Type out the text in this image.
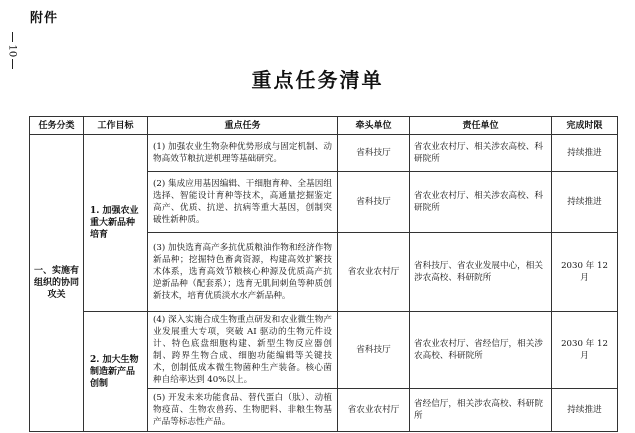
附件
10
重点任务清单
任务分类	工作目标	重点任务	牵头单位	责任单位	完成时限
一、实施有组织的协同攻关	1. 加强农业重大新品种培育	(1) 加强农业生物杂种优势形成与固定机制、动物高效节粮抗逆机理等基础研究。	省科技厅	省农业农村厅、相关涉农高校、科研院所	持续推进
		(2) 集成应用基因编辑、干细胞育种、全基因组选择、智能设计育种等技术，高通量挖掘鉴定高产、优质、抗逆、抗病等重大基因，创制突破性新种质。	省科技厅	省农业农村厅、相关涉农高校、科研院所	持续推进
		(3) 加快选育高产多抗优质粮油作物和经济作物新品种；挖掘特色畜禽资源，构建高效扩繁技术体系，选育高效节粮核心种源及优质高产抗逆新品种（配套系）；选育无肌间刺鱼等种质创新技术，培育优质淡水水产新品种。	省农业农村厅	省科技厅、省农业发展中心，相关涉农高校、科研院所	2030 年 12 月
	2. 加大生物制造新产品创制	(4) 深入实施合成生物重点研发和农业微生物产业发展重大专项，突破 AI 驱动的生物元件设计、特色底盘细胞构建、新型生物反应器创制、跨界生物合成、细胞功能编辑等关键技术，创制低成本微生物菌种生产装备。核心菌种自给率达到 40%以上。	省科技厅	省农业农村厅、省经信厅，相关涉农高校、科研院所	2030 年 12 月
		(5) 开发未来功能食品、替代蛋白（肽）、动植物疫苗、生物农兽药、生物肥料、非粮生物基产品等标志性产品。	省农业农村厅	省经信厅，相关涉农高校、科研院所	持续推进
